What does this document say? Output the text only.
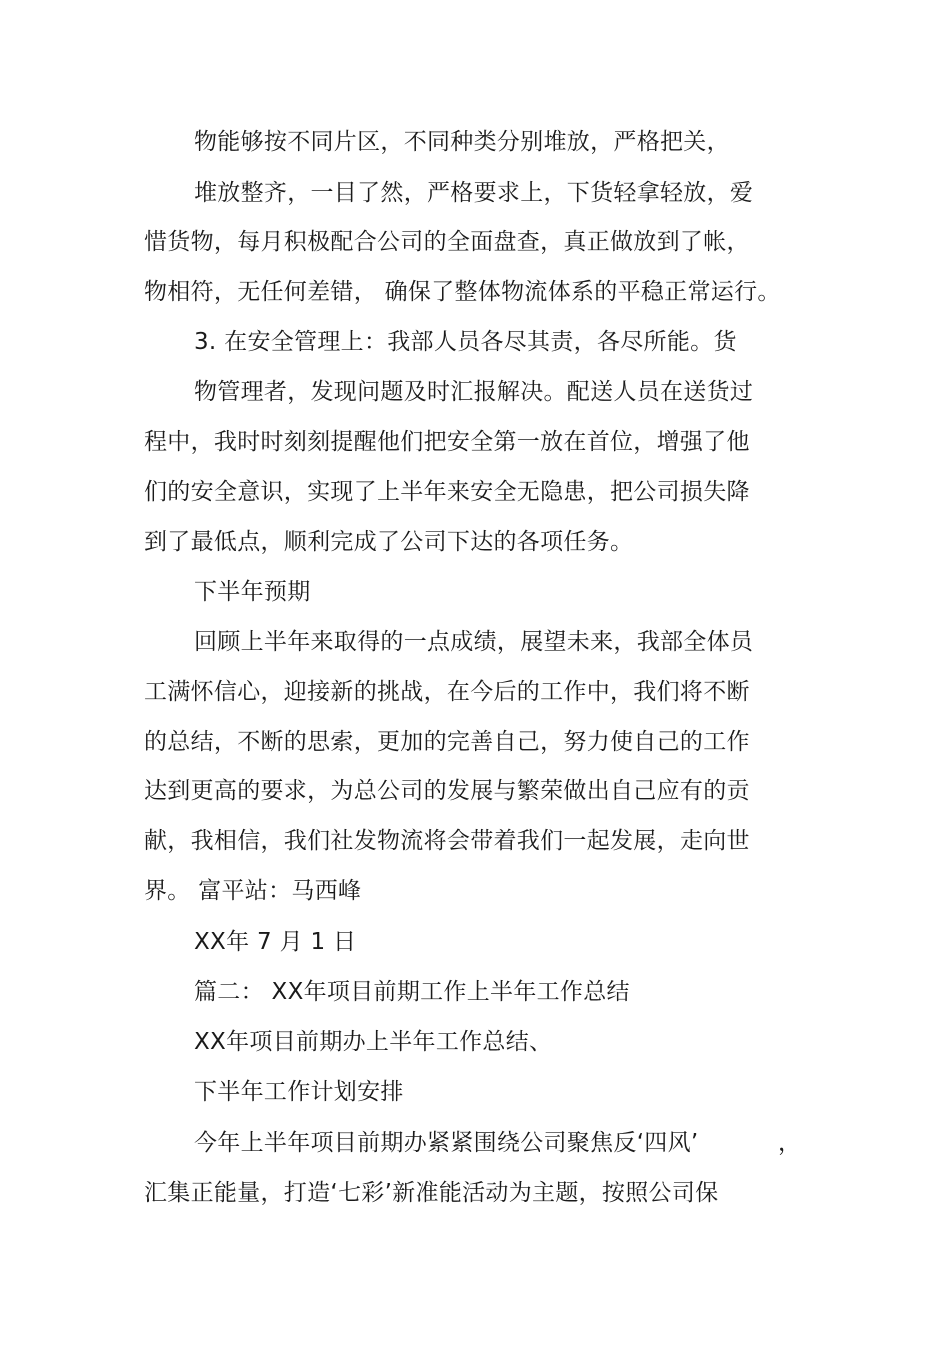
物能够按不同片区，不同种类分别堆放，严格把关，
堆放整齐，一目了然，严格要求上，下货轻拿轻放，爱
惜货物，每月积极配合公司的全面盘查，真正做放到了帐，
物相符，无任何差错， 确保了整体物流体系的平稳正常运行。
3. 在安全管理上：我部人员各尽其责，各尽所能。货
物管理者，发现问题及时汇报解决。配送人员在送货过
程中，我时时刻刻提醒他们把安全第一放在首位，增强了他
们的安全意识，实现了上半年来安全无隐患，把公司损失降
到了最低点，顺利完成了公司下达的各项任务。
下半年预期
回顾上半年来取得的一点成绩，展望未来，我部全体员
工满怀信心，迎接新的挑战，在今后的工作中，我们将不断
的总结，不断的思索，更加的完善自己，努力使自己的工作
达到更高的要求，为总公司的发展与繁荣做出自己应有的贡
献，我相信，我们社发物流将会带着我们一起发展，走向世
界。 富平站：马西峰
XX年 7 月 1 日
篇二： XX年项目前期工作上半年工作总结
XX年项目前期办上半年工作总结、
下半年工作计划安排
今年上半年项目前期办紧紧围绕公司聚焦反‘四风’	，
汇集正能量，打造‘七彩’新准能活动为主题，按照公司保
